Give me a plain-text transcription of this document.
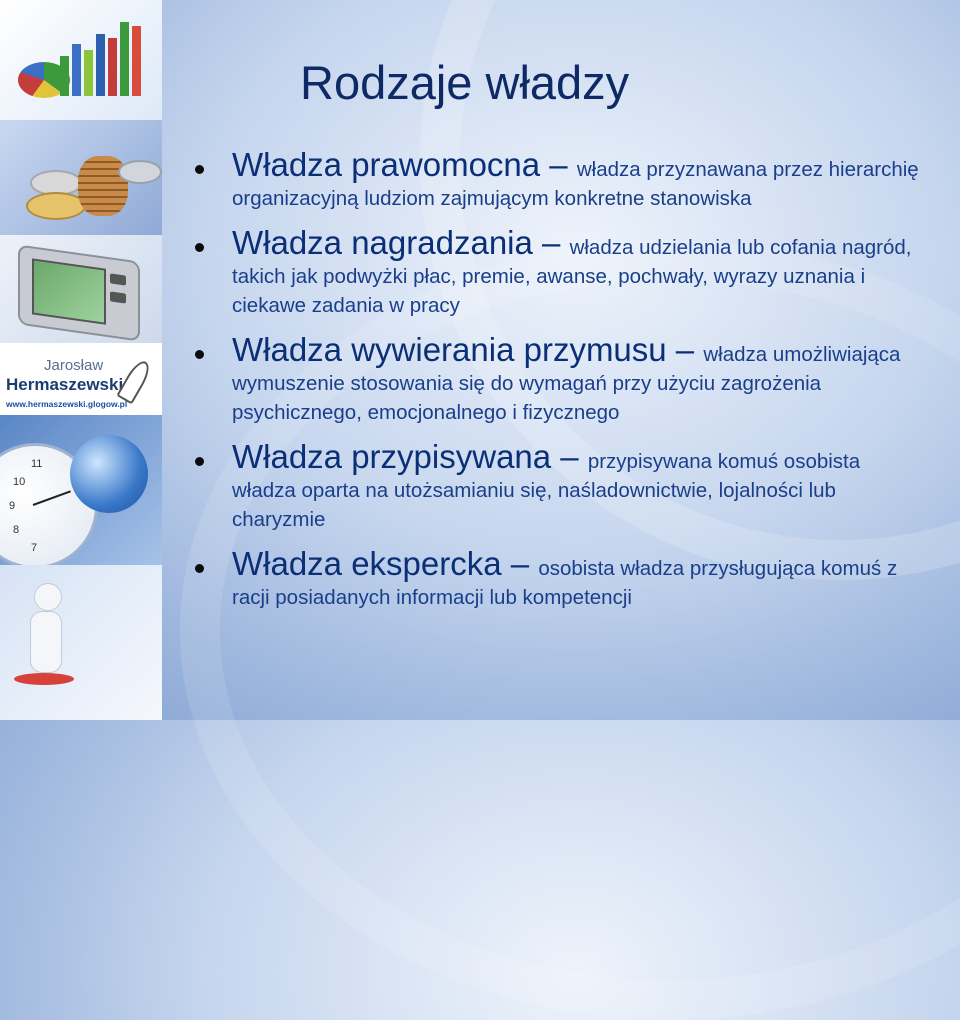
Jarosław
Hermaszewski
www.hermaszewski.glogow.pl
11
10
9
8
7
Rodzaje władzy
Władza prawomocna – władza przyznawana przez hierarchię organizacyjną ludziom zajmującym konkretne stanowiska
Władza nagradzania – władza udzielania lub cofania nagród, takich jak podwyżki płac, premie, awanse, pochwały, wyrazy uznania i ciekawe zadania w pracy
Władza wywierania przymusu – władza umożliwiająca wymuszenie stosowania się do wymagań przy użyciu zagrożenia psychicznego, emocjonalnego i fizycznego
Władza przypisywana – przypisywana komuś osobista władza oparta na utożsamianiu się, naśladownictwie, lojalności lub charyzmie
Władza ekspercka – osobista władza przysługująca komuś z racji posiadanych informacji lub kompetencji
